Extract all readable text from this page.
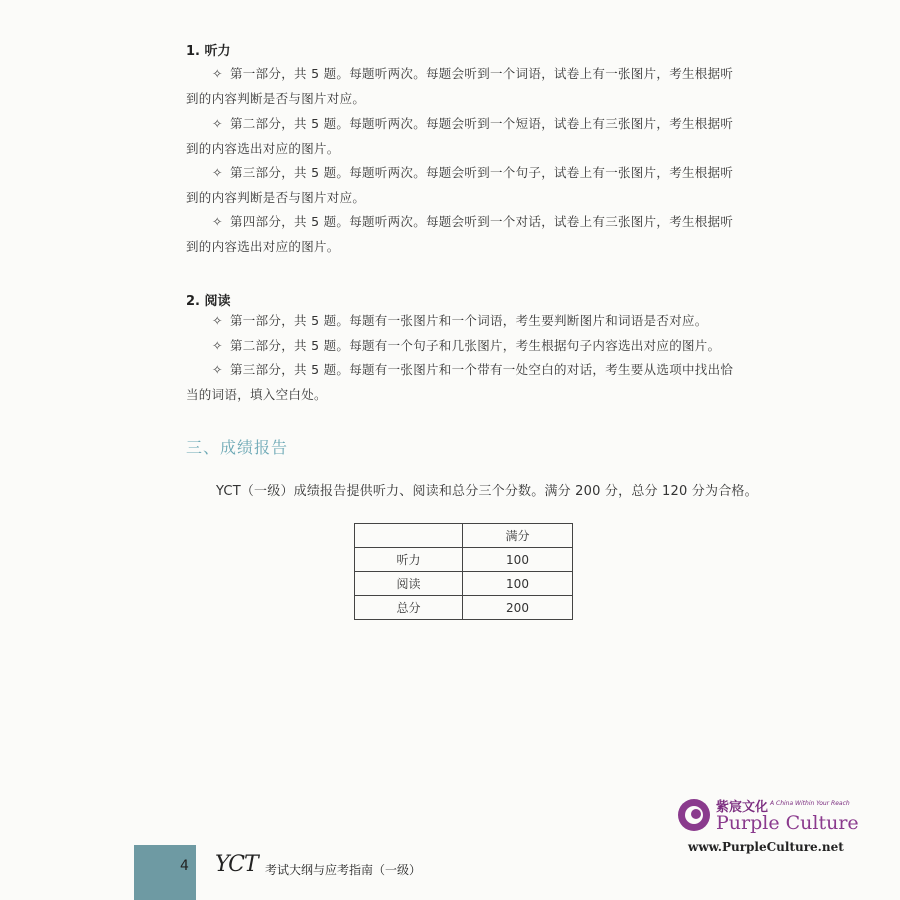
1. 听力
✧ 第一部分，共 5 题。每题听两次。每题会听到一个词语，试卷上有一张图片，考生根据听
到的内容判断是否与图片对应。
✧ 第二部分，共 5 题。每题听两次。每题会听到一个短语，试卷上有三张图片，考生根据听
到的内容选出对应的图片。
✧ 第三部分，共 5 题。每题听两次。每题会听到一个句子，试卷上有一张图片，考生根据听
到的内容判断是否与图片对应。
✧ 第四部分，共 5 题。每题听两次。每题会听到一个对话，试卷上有三张图片，考生根据听
到的内容选出对应的图片。
2. 阅读
✧ 第一部分，共 5 题。每题有一张图片和一个词语，考生要判断图片和词语是否对应。
✧ 第二部分，共 5 题。每题有一个句子和几张图片，考生根据句子内容选出对应的图片。
✧ 第三部分，共 5 题。每题有一张图片和一个带有一处空白的对话，考生要从选项中找出恰
当的词语，填入空白处。
三、成绩报告
YCT（一级）成绩报告提供听力、阅读和总分三个分数。满分 200 分，总分 120 分为合格。
	满分
听力	100
阅读	100
总分	200
紫宸文化 A China Within Your Reach
Purple Culture
www.PurpleCulture.net
4 YCT 考试大纲与应考指南（一级）
